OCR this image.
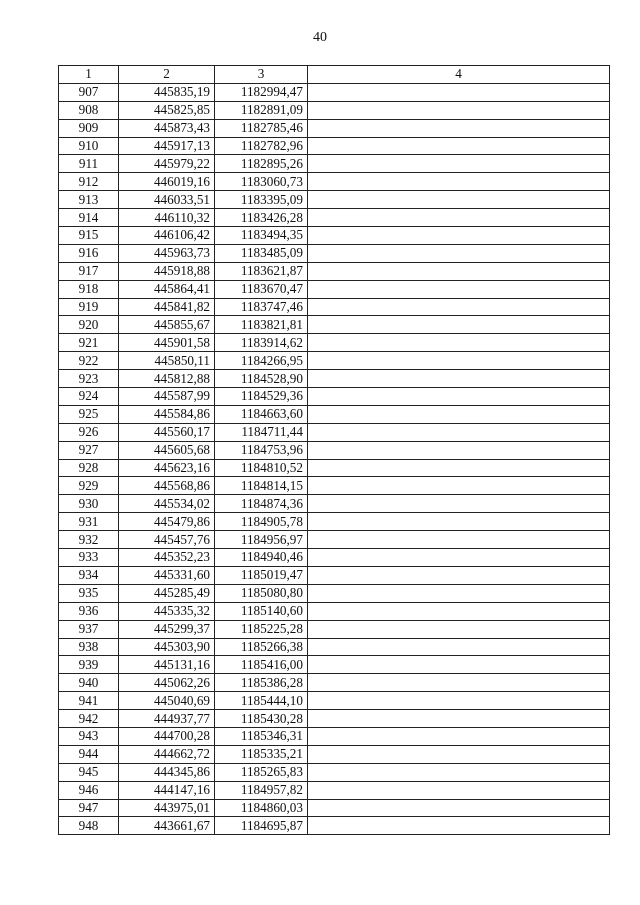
40
1	2	3	4
907	445835,19	1182994,47	
908	445825,85	1182891,09	
909	445873,43	1182785,46	
910	445917,13	1182782,96	
911	445979,22	1182895,26	
912	446019,16	1183060,73	
913	446033,51	1183395,09	
914	446110,32	1183426,28	
915	446106,42	1183494,35	
916	445963,73	1183485,09	
917	445918,88	1183621,87	
918	445864,41	1183670,47	
919	445841,82	1183747,46	
920	445855,67	1183821,81	
921	445901,58	1183914,62	
922	445850,11	1184266,95	
923	445812,88	1184528,90	
924	445587,99	1184529,36	
925	445584,86	1184663,60	
926	445560,17	1184711,44	
927	445605,68	1184753,96	
928	445623,16	1184810,52	
929	445568,86	1184814,15	
930	445534,02	1184874,36	
931	445479,86	1184905,78	
932	445457,76	1184956,97	
933	445352,23	1184940,46	
934	445331,60	1185019,47	
935	445285,49	1185080,80	
936	445335,32	1185140,60	
937	445299,37	1185225,28	
938	445303,90	1185266,38	
939	445131,16	1185416,00	
940	445062,26	1185386,28	
941	445040,69	1185444,10	
942	444937,77	1185430,28	
943	444700,28	1185346,31	
944	444662,72	1185335,21	
945	444345,86	1185265,83	
946	444147,16	1184957,82	
947	443975,01	1184860,03	
948	443661,67	1184695,87	
